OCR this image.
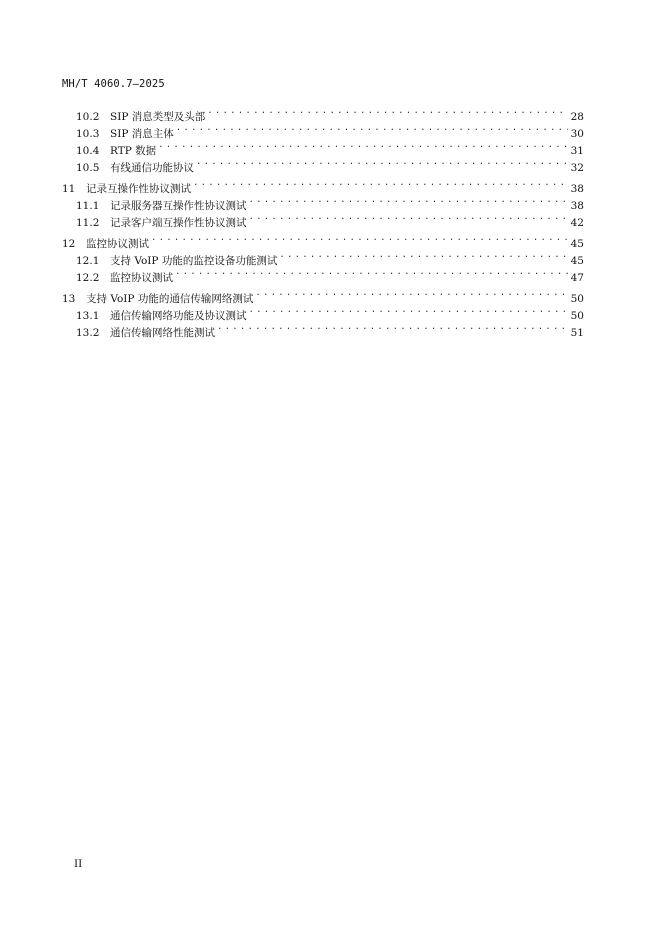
MH/T 4060.7—2025
10.2	SIP 消息类型及头部 . . .	28
10.3	SIP 消息主体 . . .	30
10.4	RTP 数据 . . .	31
10.5	有线通信功能协议 . . .	32
11	记录互操作性协议测试 . . .	38
11.1	记录服务器互操作性协议测试 . . .	38
11.2	记录客户端互操作性协议测试 . . .	42
12	监控协议测试 . . .	45
12.1	支持 VoIP 功能的监控设备功能测试 . . .	45
12.2	监控协议测试 . . .	47
13	支持 VoIP 功能的通信传输网络测试 . . .	50
13.1	通信传输网络功能及协议测试 . . .	50
13.2	通信传输网络性能测试 . . .	51
II
